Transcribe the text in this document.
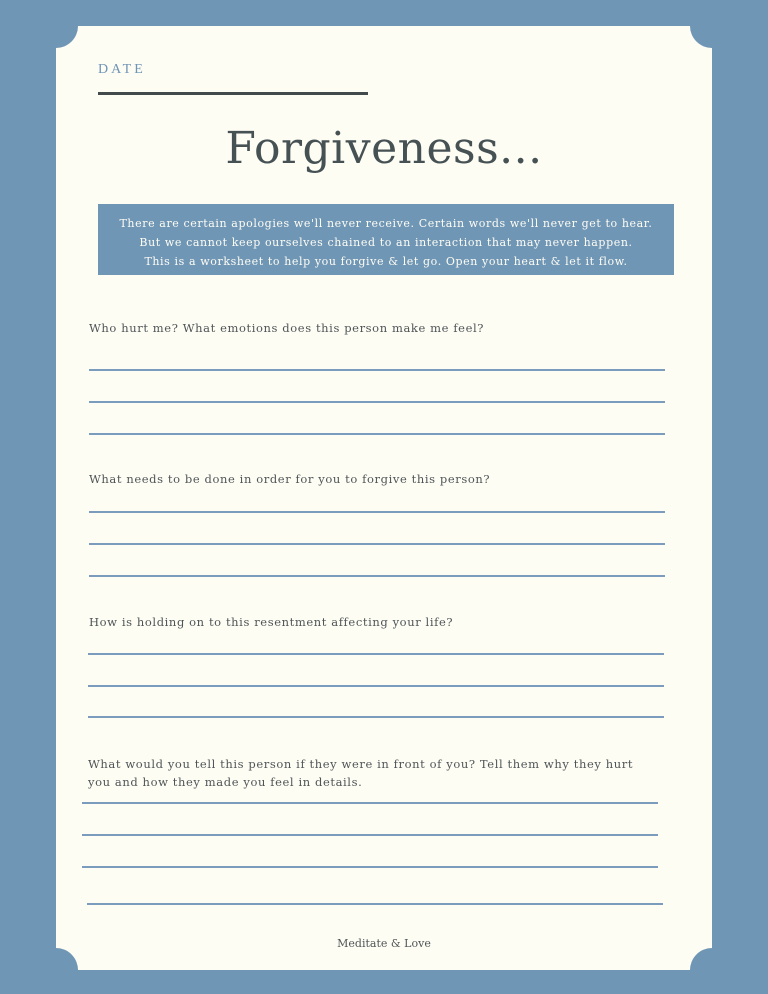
DATE
Forgiveness...
There are certain apologies we'll never receive. Certain words we'll never get to hear.
But we cannot keep ourselves chained to an interaction that may never happen.
This is a worksheet to help you forgive & let go. Open your heart & let it flow.
Who hurt me? What emotions does this person make me feel?
What needs to be done in order for you to forgive this person?
How is holding on to this resentment affecting your life?
What would you tell this person if they were in front of you? Tell them why they hurt
you and how they made you feel in details.
Meditate & Love
